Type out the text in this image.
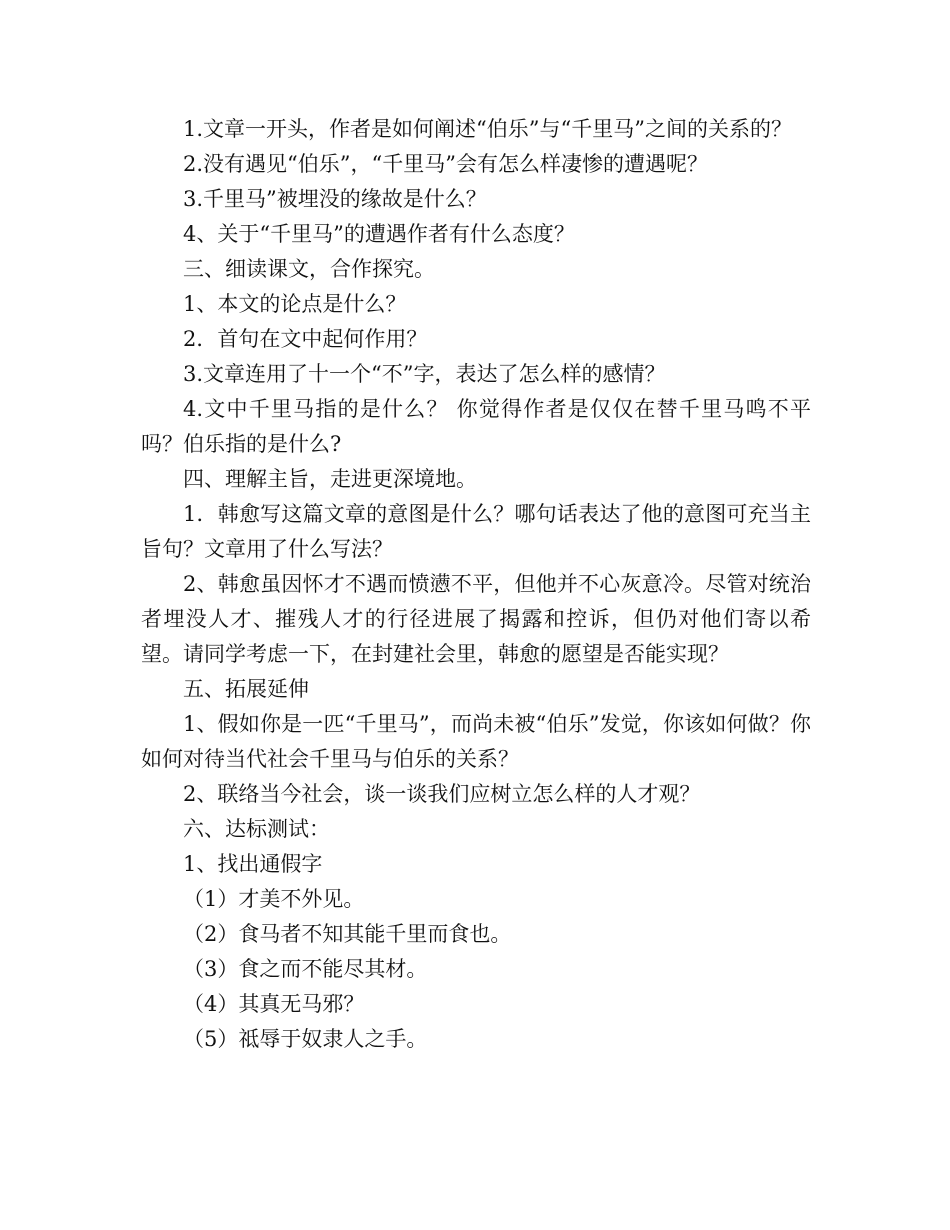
1.文章一开头，作者是如何阐述“伯乐”与“千里马”之间的关系的？

2.没有遇见“伯乐”，“千里马”会有怎么样凄惨的遭遇呢？

3.千里马”被埋没的缘故是什么？

4、关于“千里马”的遭遇作者有什么态度？

三、细读课文，合作探究。

1、本文的论点是什么？

2．首句在文中起何作用？

3.文章连用了十一个“不”字，表达了怎么样的感情？

4.文中千里马指的是什么？ 你觉得作者是仅仅在替千里马鸣不平吗？伯乐指的是什么?

四、理解主旨，走进更深境地。

1．韩愈写这篇文章的意图是什么？哪句话表达了他的意图可充当主旨句？文章用了什么写法？

2、韩愈虽因怀才不遇而愤懑不平，但他并不心灰意冷。尽管对统治者埋没人才、摧残人才的行径进展了揭露和控诉，但仍对他们寄以希望。请同学考虑一下，在封建社会里，韩愈的愿望是否能实现？

五、拓展延伸

1、假如你是一匹“千里马”，而尚未被“伯乐”发觉，你该如何做？你如何对待当代社会千里马与伯乐的关系？

2、联络当今社会，谈一谈我们应树立怎么样的人才观？

六、达标测试：

1、找出通假字

（1）才美不外见。

（2）食马者不知其能千里而食也。

（3）食之而不能尽其材。

（4）其真无马邪？

（5）祗辱于奴隶人之手。
